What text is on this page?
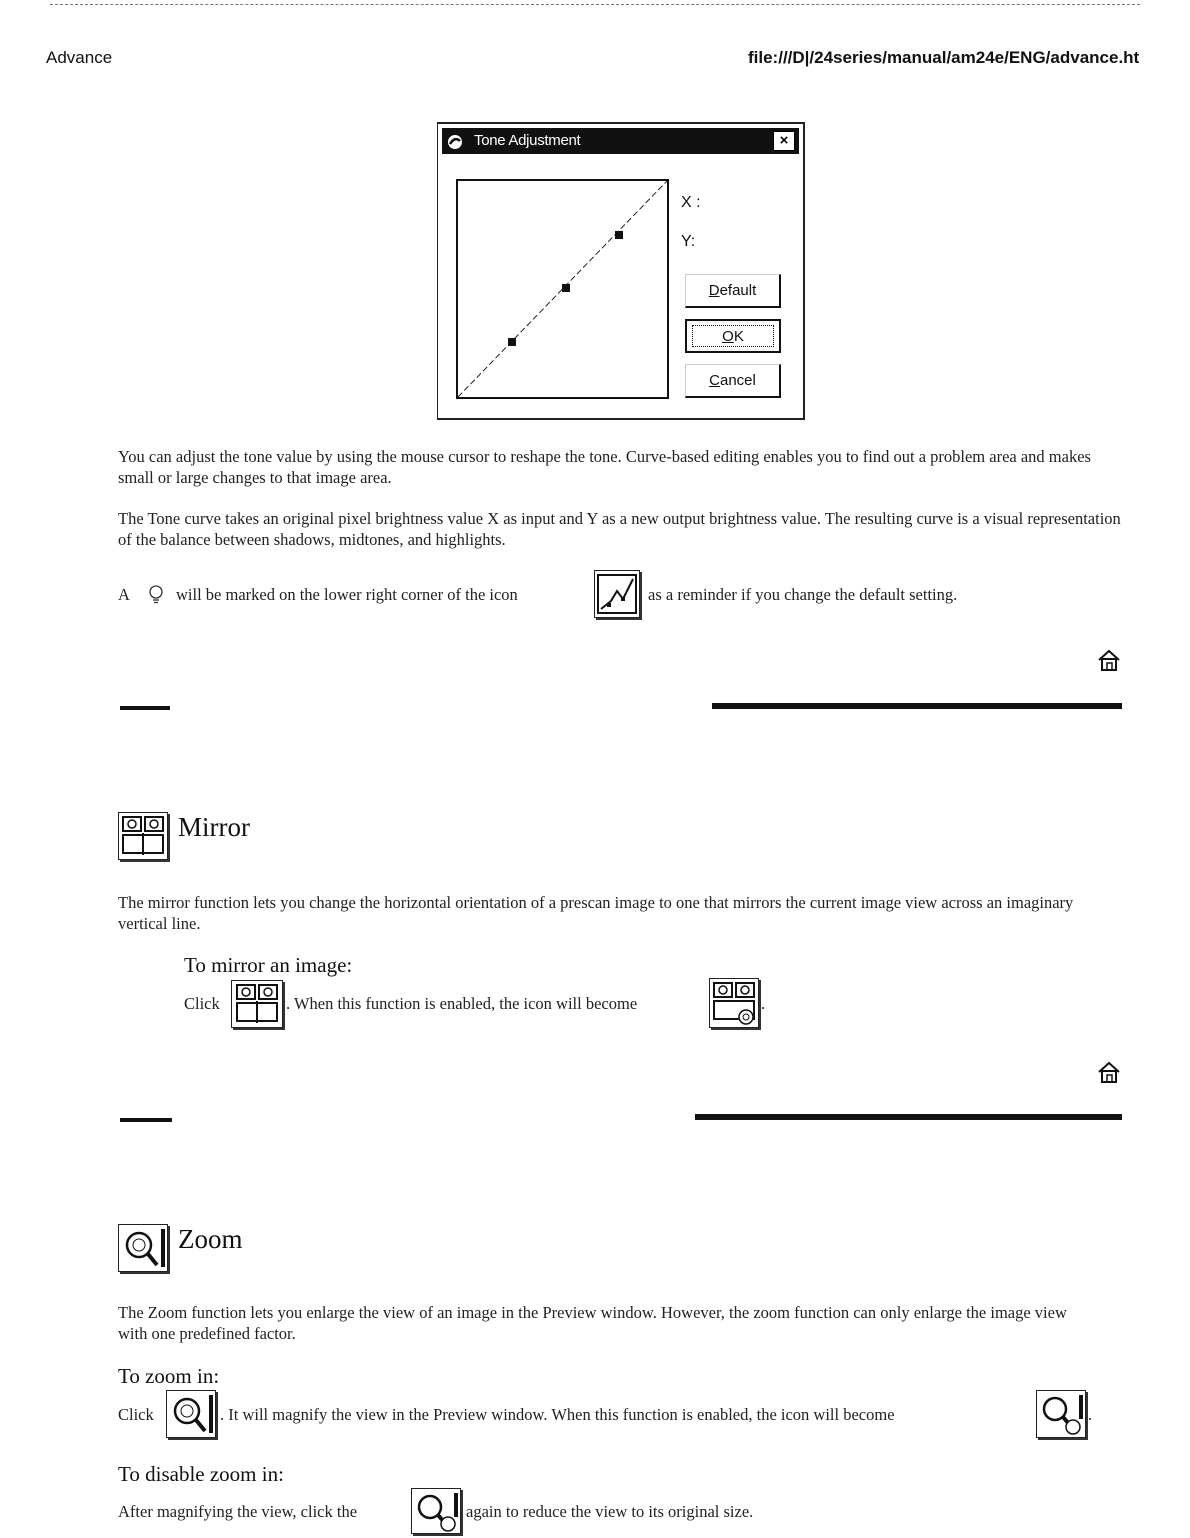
Advance	file:///D|/24series/manual/am24e/ENG/advance.ht
Tone Adjustment	×
X :
Y:
Default
OK
Cancel
You can adjust the tone value by using the mouse cursor to reshape the tone. Curve-based editing enables you to find out a problem area and makes small or large changes to that image area.
The Tone curve takes an original pixel brightness value X as input and Y as a new output brightness value. The resulting curve is a visual representation of the balance between shadows, midtones, and highlights.
A	will be marked on the lower right corner of the icon	as a reminder if you change the default setting.
Mirror
The mirror function lets you change the horizontal orientation of a prescan image to one that mirrors the current image view across an imaginary vertical line.
To mirror an image:
Click	. When this function is enabled, the icon will become	.
Zoom
The Zoom function lets you enlarge the view of an image in the Preview window. However, the zoom function can only enlarge the image view with one predefined factor.
To zoom in:
Click	. It will magnify the view in the Preview window. When this function is enabled, the icon will become	.
To disable zoom in:
After magnifying the view, click the	again to reduce the view to its original size.
